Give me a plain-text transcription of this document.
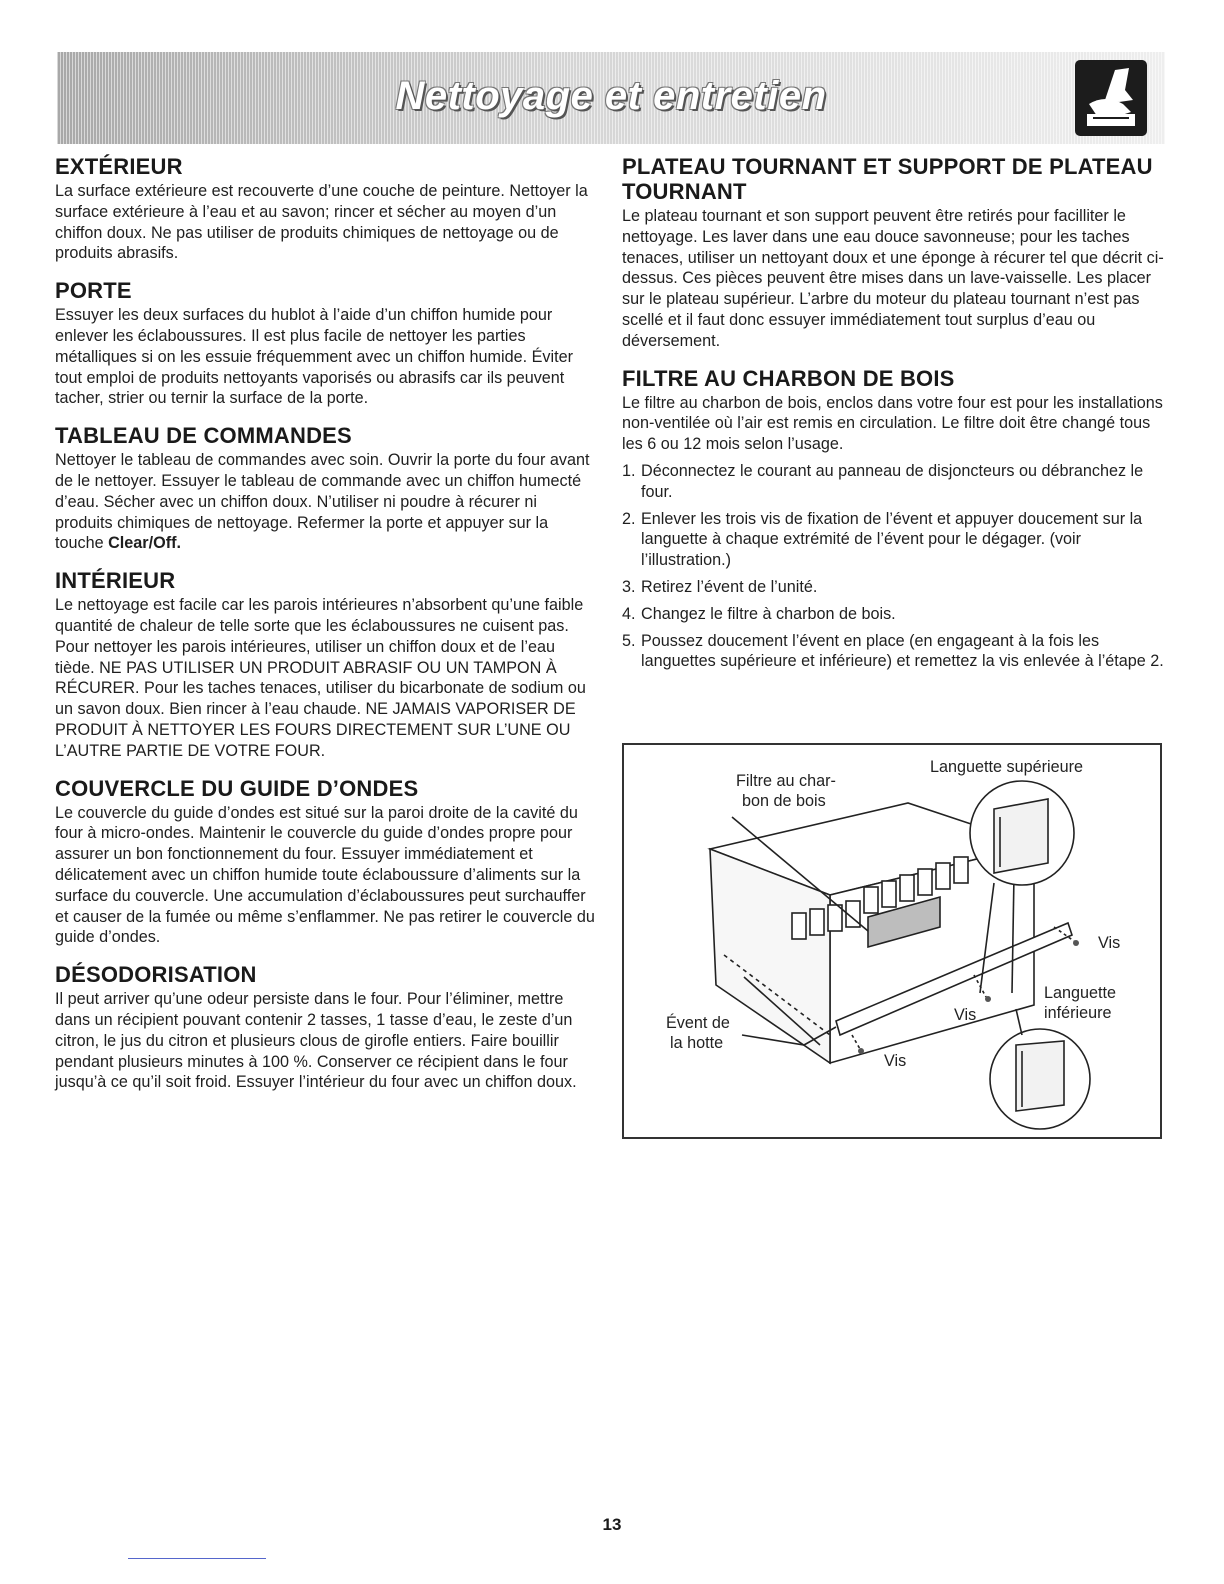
Nettoyage et entretien
EXTÉRIEUR

La surface extérieure est recouverte d’une couche de peinture. Nettoyer la surface extérieure à l’eau et au savon; rincer et sécher au moyen d’un chiffon doux. Ne pas utiliser de produits chimiques de nettoyage ou de produits abrasifs.

PORTE

Essuyer les deux surfaces du hublot à l’aide d’un chiffon humide pour enlever les éclaboussures. Il est plus facile de nettoyer les parties métalliques si on les essuie fréquemment avec un chiffon humide. Éviter tout emploi de produits nettoyants vaporisés ou abrasifs car ils peuvent tacher, strier ou ternir la surface de la porte.

TABLEAU DE COMMANDES

Nettoyer le tableau de commandes avec soin. Ouvrir la porte du four avant de le nettoyer. Essuyer le tableau de commande avec un chiffon humecté d’eau. Sécher avec un chiffon doux. N’utiliser ni poudre à récurer ni produits chimiques de nettoyage. Refermer la porte et appuyer sur la touche Clear/Off.

INTÉRIEUR

Le nettoyage est facile car les parois intérieures n’absorbent qu’une faible quantité de chaleur de telle sorte que les éclaboussures ne cuisent pas. Pour nettoyer les parois intérieures, utiliser un chiffon doux et de l’eau tiède. NE PAS UTILISER UN PRODUIT ABRASIF OU UN TAMPON À RÉCURER. Pour les taches tenaces, utiliser du bicarbonate de sodium ou un savon doux. Bien rincer à l’eau chaude. NE JAMAIS VAPORISER DE PRODUIT À NETTOYER LES FOURS DIRECTEMENT SUR L’UNE OU L’AUTRE PARTIE DE VOTRE FOUR.

COUVERCLE DU GUIDE D’ONDES

Le couvercle du guide d’ondes est situé sur la paroi droite de la cavité du four à micro-ondes. Maintenir le couvercle du guide d’ondes propre pour assurer un bon fonctionnement du four. Essuyer immédiatement et délicatement avec un chiffon humide toute éclaboussure d’aliments sur la surface du couvercle. Une accumulation d’éclaboussures peut surchauffer et causer de la fumée ou même s’enflammer. Ne pas retirer le couvercle du guide d’ondes.

DÉSODORISATION

Il peut arriver qu’une odeur persiste dans le four. Pour l’éliminer, mettre dans un récipient pouvant contenir 2 tasses, 1 tasse d’eau, le zeste d’un citron, le jus du citron et plusieurs clous de girofle entiers. Faire bouillir pendant plusieurs minutes à 100 %. Conserver ce récipient dans le four jusqu’à ce qu’il soit froid. Essuyer l’intérieur du four avec un chiffon doux.

PLATEAU TOURNANT ET SUPPORT DE PLATEAU TOURNANT

Le plateau tournant et son support peuvent être retirés pour facilliter le nettoyage. Les laver dans une eau douce savonneuse; pour les taches tenaces, utiliser un nettoyant doux et une éponge à récurer tel que décrit ci-dessus. Ces pièces peuvent être mises dans un lave-vaisselle. Les placer sur le plateau supérieur. L’arbre du moteur du plateau tournant n’est pas scellé et il faut donc essuyer immédiatement tout surplus d’eau ou déversement.

FILTRE AU CHARBON DE BOIS

Le filtre au charbon de bois, enclos dans votre four est pour les installations non-ventilée où l’air est remis en circulation. Le filtre doit être changé tous les 6 ou 12 mois selon l’usage.

1. Déconnectez le courant au panneau de disjoncteurs ou débranchez le four.
2. Enlever les trois vis de fixation de l’évent et appuyer doucement sur la languette à chaque extrémité de l’évent pour le dégager. (voir l’illustration.)
3. Retirez l’évent de l’unité.
4. Changez le filtre à charbon de bois.
5. Poussez doucement l’évent en place (en engageant à la fois les languettes supérieure et inférieure) et remettez la vis enlevée à l’étape 2.
Filtre au char-
bon de bois
Languette supérieure
Vis
Languette
inférieure
Vis
Évent de
la hotte
Vis
13
